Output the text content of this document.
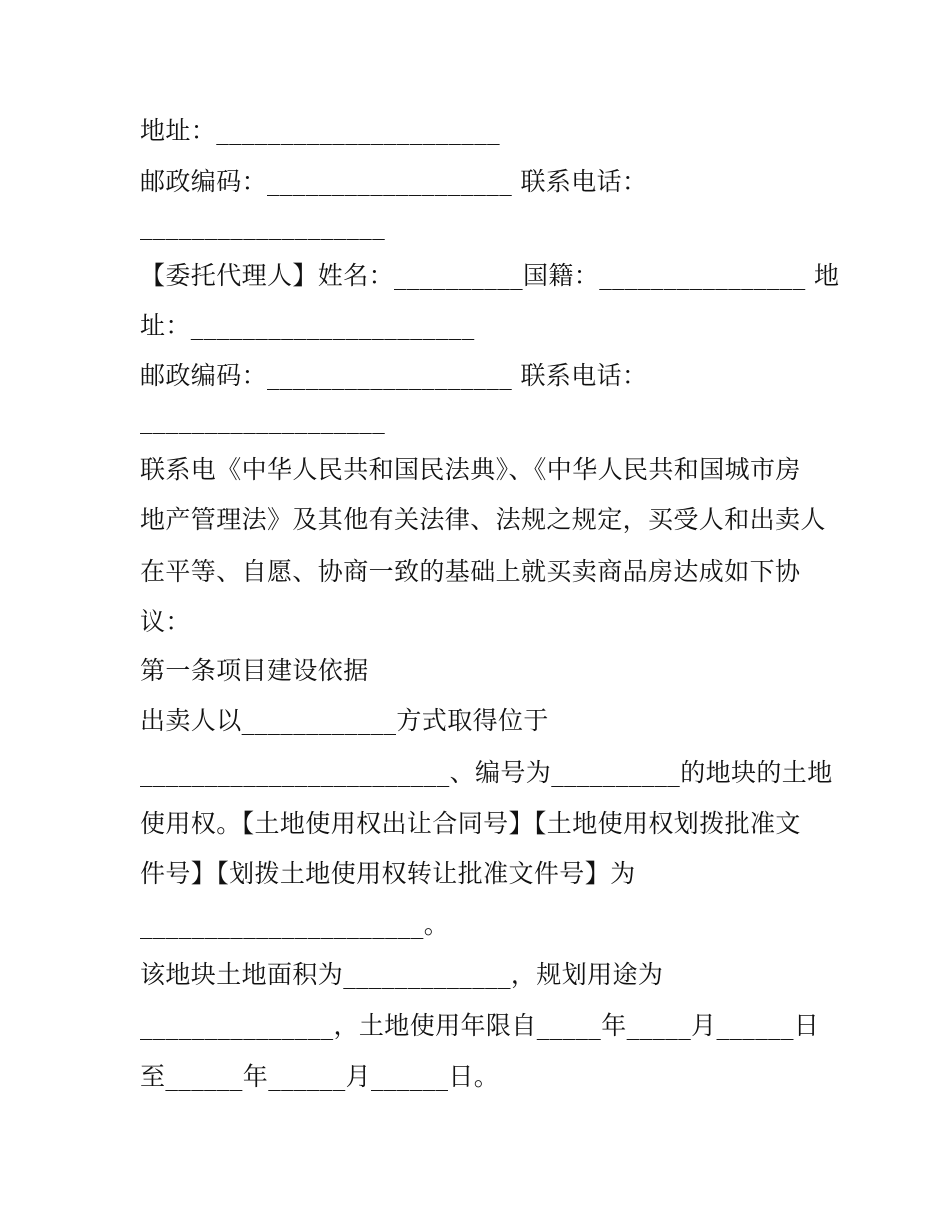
地址：______________________
邮政编码：___________________ 联系电话：
___________________
【委托代理人】姓名：__________国籍：________________ 地
址：______________________
邮政编码：___________________ 联系电话：
___________________
联系电《中华人民共和国民法典》、《中华人民共和国城市房
地产管理法》及其他有关法律、法规之规定，买受人和出卖人
在平等、自愿、协商一致的基础上就买卖商品房达成如下协
议：
第一条项目建设依据
出卖人以____________方式取得位于
________________________、编号为__________的地块的土地
使用权。【土地使用权出让合同号】【土地使用权划拨批准文
件号】【划拨土地使用权转让批准文件号】为
______________________。
该地块土地面积为_____________，规划用途为
_______________，土地使用年限自_____年_____月______日
至______年______月______日。
